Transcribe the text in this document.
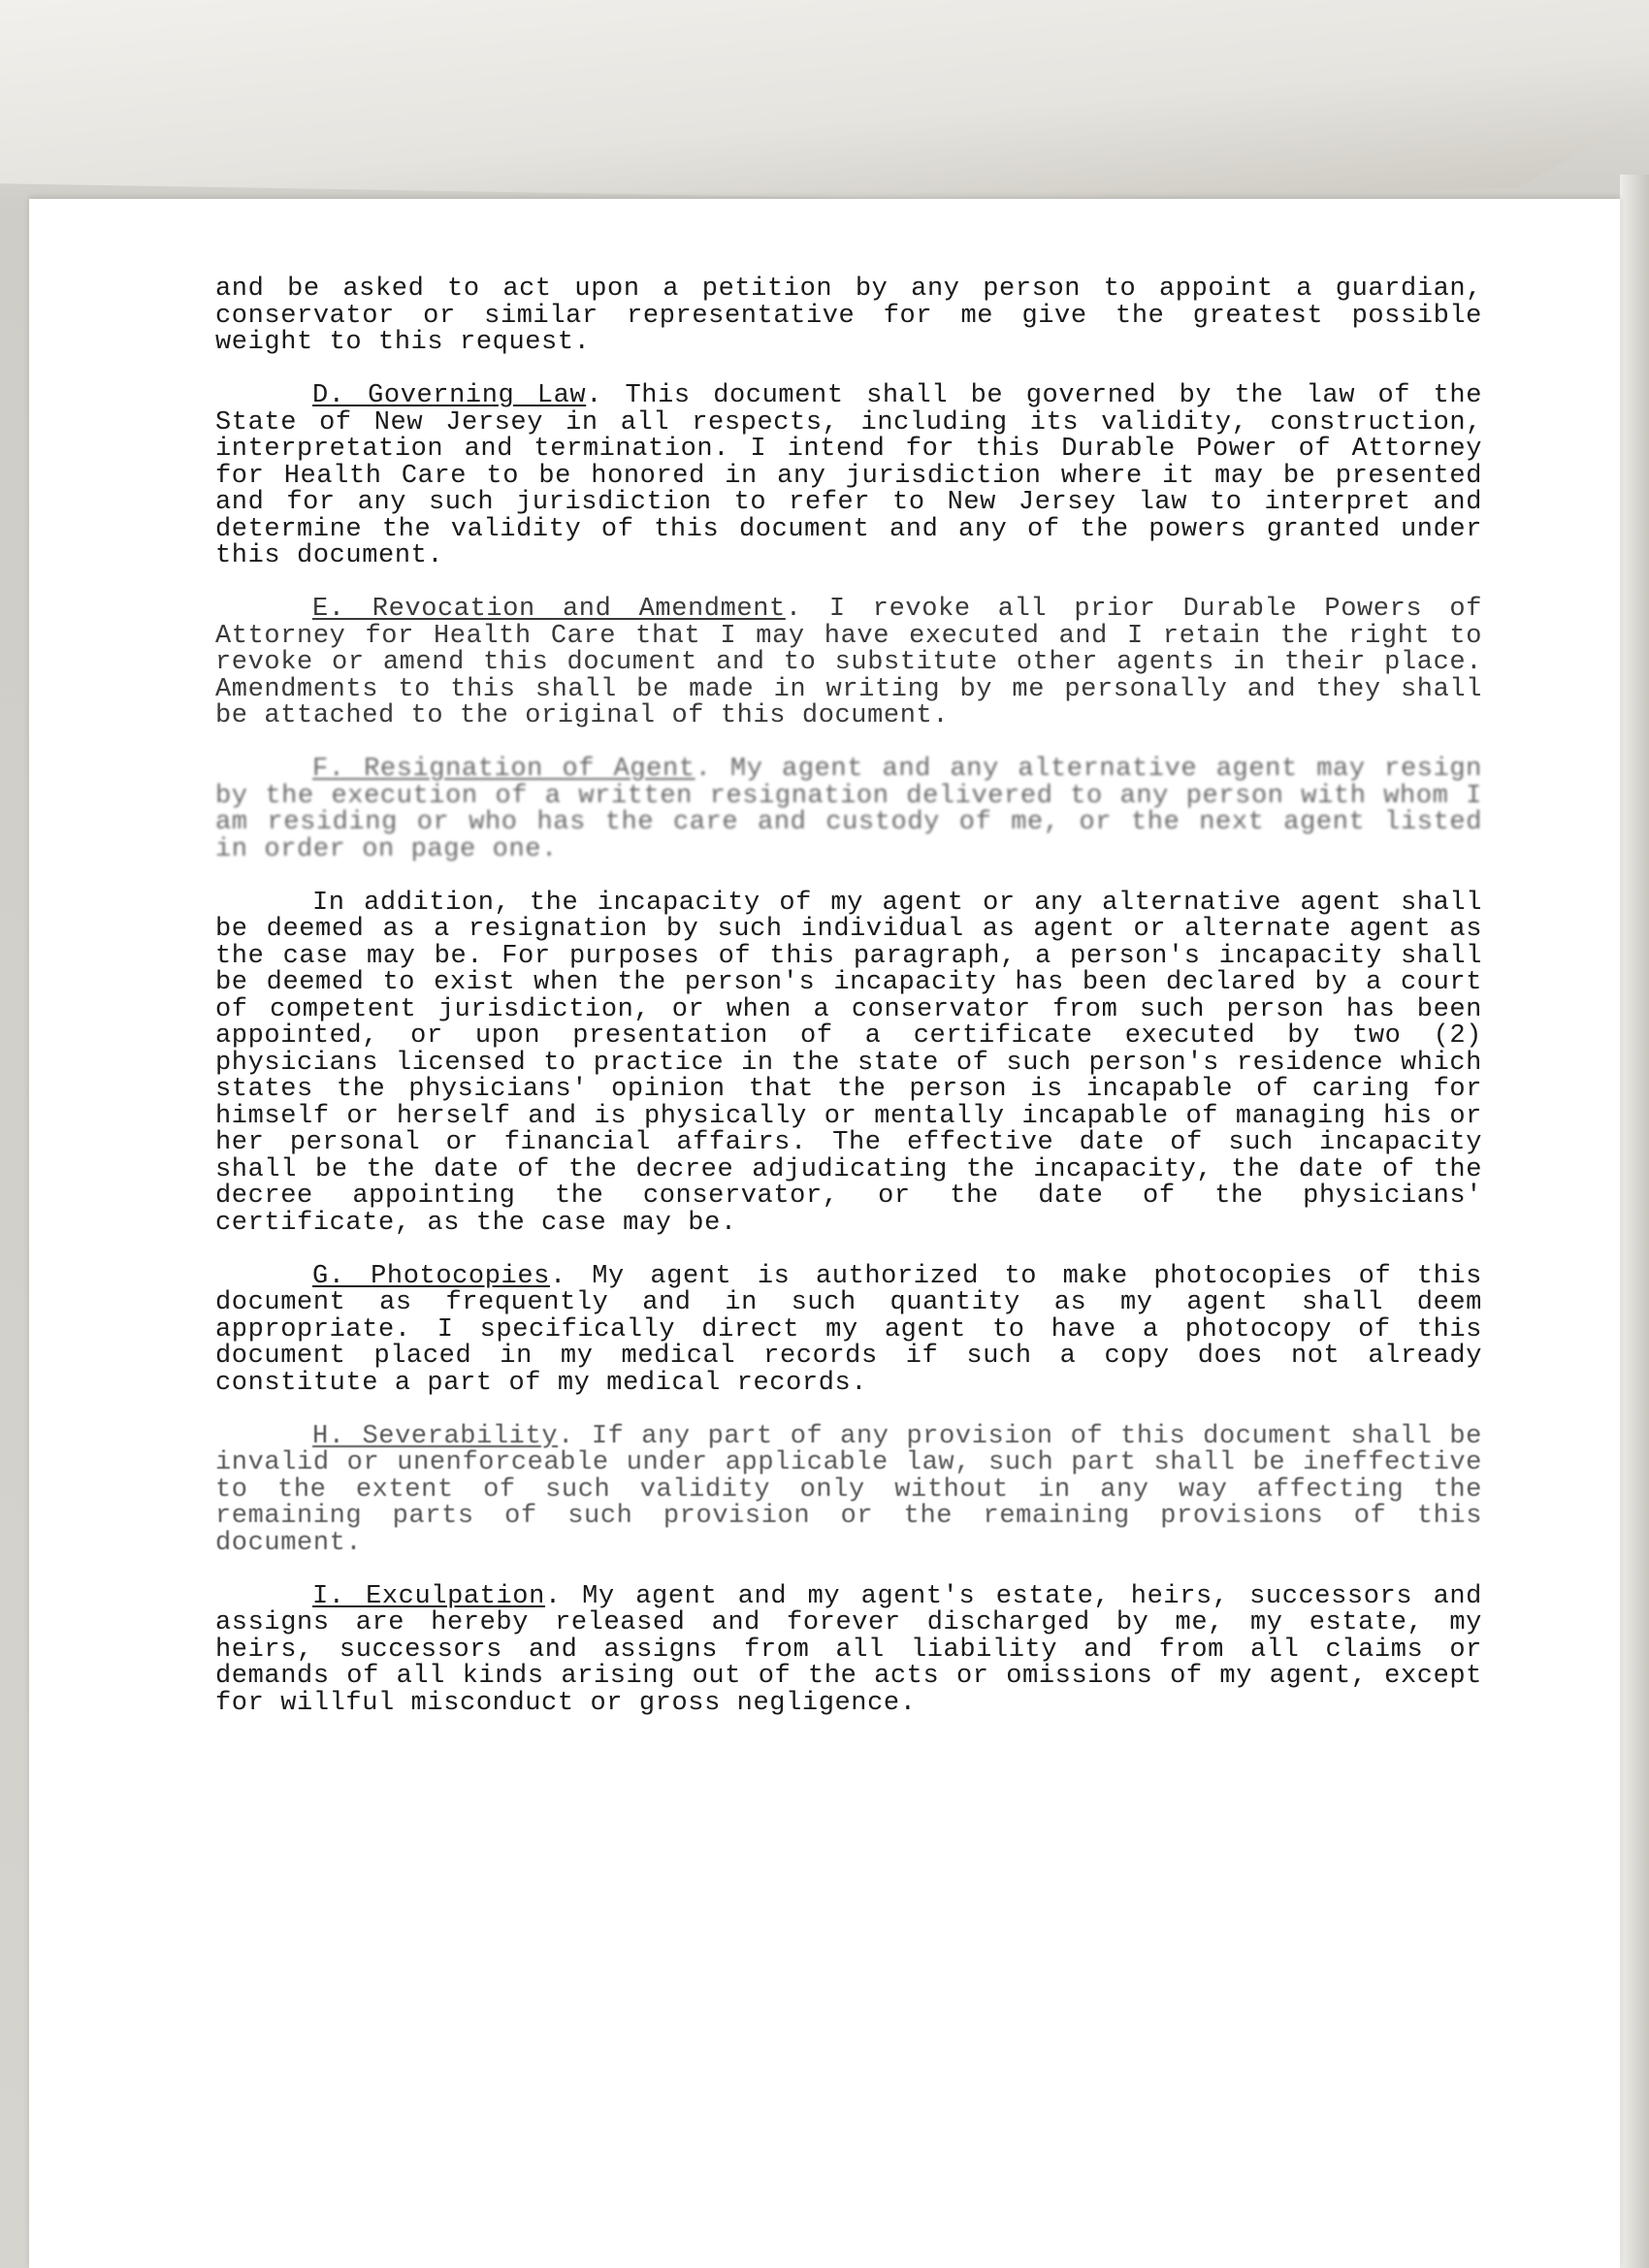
and be asked to act upon a petition by any person to appoint a guardian, conservator or similar representative for me give the greatest possible weight to this request.

D. Governing Law. This document shall be governed by the law of the State of New Jersey in all respects, including its validity, construction, interpretation and termination. I intend for this Durable Power of Attorney for Health Care to be honored in any jurisdiction where it may be presented and for any such jurisdiction to refer to New Jersey law to interpret and determine the validity of this document and any of the powers granted under this document.

E. Revocation and Amendment. I revoke all prior Durable Powers of Attorney for Health Care that I may have executed and I retain the right to revoke or amend this document and to substitute other agents in their place. Amendments to this shall be made in writing by me personally and they shall be attached to the original of this document.

F. Resignation of Agent. My agent and any alternative agent may resign by the execution of a written resignation delivered to any person with whom I am residing or who has the care and custody of me, or the next agent listed in order on page one.

In addition, the incapacity of my agent or any alternative agent shall be deemed as a resignation by such individual as agent or alternate agent as the case may be. For purposes of this paragraph, a person's incapacity shall be deemed to exist when the person's incapacity has been declared by a court of competent jurisdiction, or when a conservator from such person has been appointed, or upon presentation of a certificate executed by two (2) physicians licensed to practice in the state of such person's residence which states the physicians' opinion that the person is incapable of caring for himself or herself and is physically or mentally incapable of managing his or her personal or financial affairs. The effective date of such incapacity shall be the date of the decree adjudicating the incapacity, the date of the decree appointing the conservator, or the date of the physicians' certificate, as the case may be.

G. Photocopies. My agent is authorized to make photocopies of this document as frequently and in such quantity as my agent shall deem appropriate. I specifically direct my agent to have a photocopy of this document placed in my medical records if such a copy does not already constitute a part of my medical records.

H. Severability. If any part of any provision of this document shall be invalid or unenforceable under applicable law, such part shall be ineffective to the extent of such validity only without in any way affecting the remaining parts of such provision or the remaining provisions of this document.

I. Exculpation. My agent and my agent's estate, heirs, successors and assigns are hereby released and forever discharged by me, my estate, my heirs, successors and assigns from all liability and from all claims or demands of all kinds arising out of the acts or omissions of my agent, except for willful misconduct or gross negligence.
